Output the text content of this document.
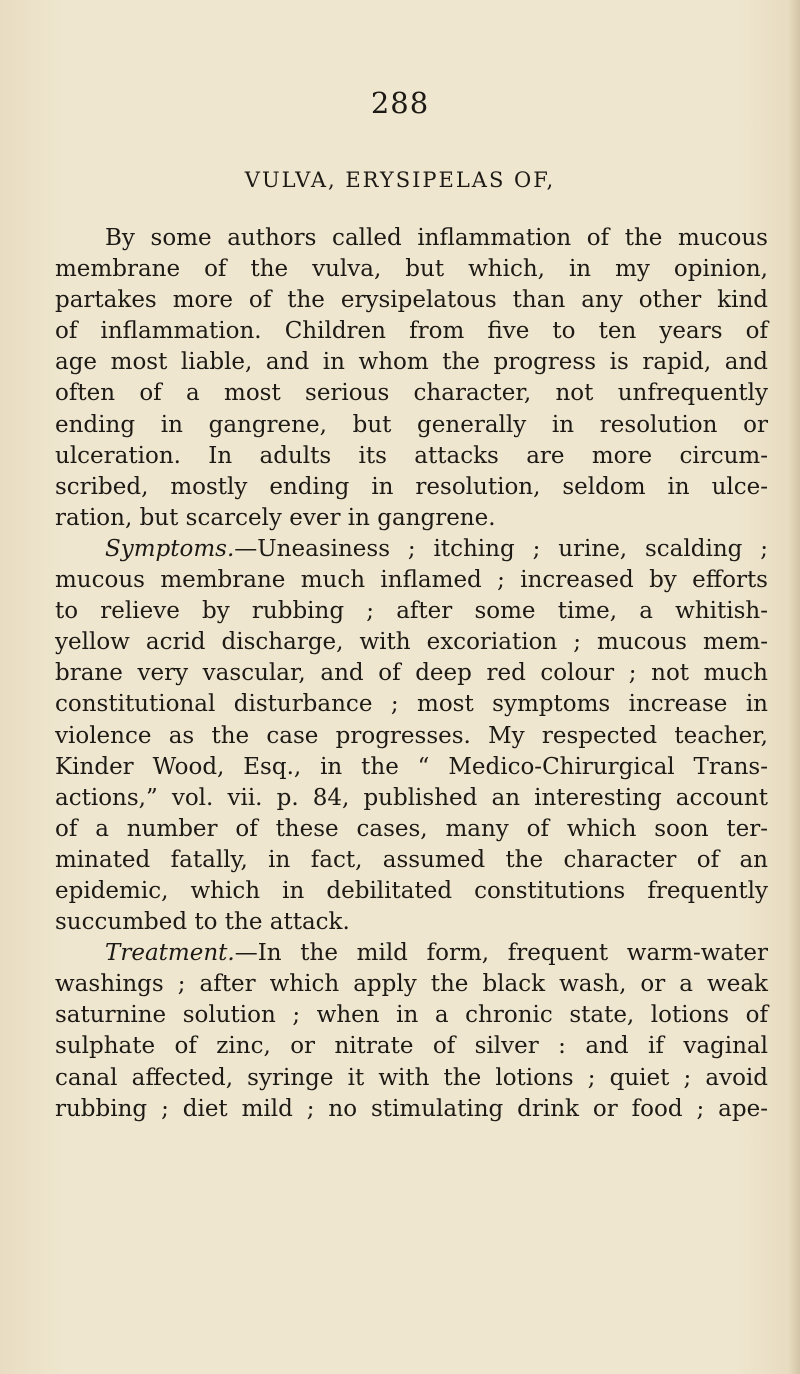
288
VULVA, ERYSIPELAS OF,

By some authors called inflammation of the mucous
membrane of the vulva, but which, in my opinion,
partakes more of the erysipelatous than any other kind
of inflammation. Children from five to ten years of
age most liable, and in whom the progress is rapid, and
often of a most serious character, not unfrequently
ending in gangrene, but generally in resolution or
ulceration. In adults its attacks are more circum-
scribed, mostly ending in resolution, seldom in ulce-
ration, but scarcely ever in gangrene.

Symptoms.—Uneasiness ; itching ; urine, scalding ;
mucous membrane much inflamed ; increased by efforts
to relieve by rubbing ; after some time, a whitish-
yellow acrid discharge, with excoriation ; mucous mem-
brane very vascular, and of deep red colour ; not much
constitutional disturbance ; most symptoms increase in
violence as the case progresses. My respected teacher,
Kinder Wood, Esq., in the “ Medico-Chirurgical Trans-
actions,” vol. vii. p. 84, published an interesting account
of a number of these cases, many of which soon ter-
minated fatally, in fact, assumed the character of an
epidemic, which in debilitated constitutions frequently
succumbed to the attack.

Treatment.—In the mild form, frequent warm-water
washings ; after which apply the black wash, or a weak
saturnine solution ; when in a chronic state, lotions of
sulphate of zinc, or nitrate of silver : and if vaginal
canal affected, syringe it with the lotions ; quiet ; avoid
rubbing ; diet mild ; no stimulating drink or food ; ape-
